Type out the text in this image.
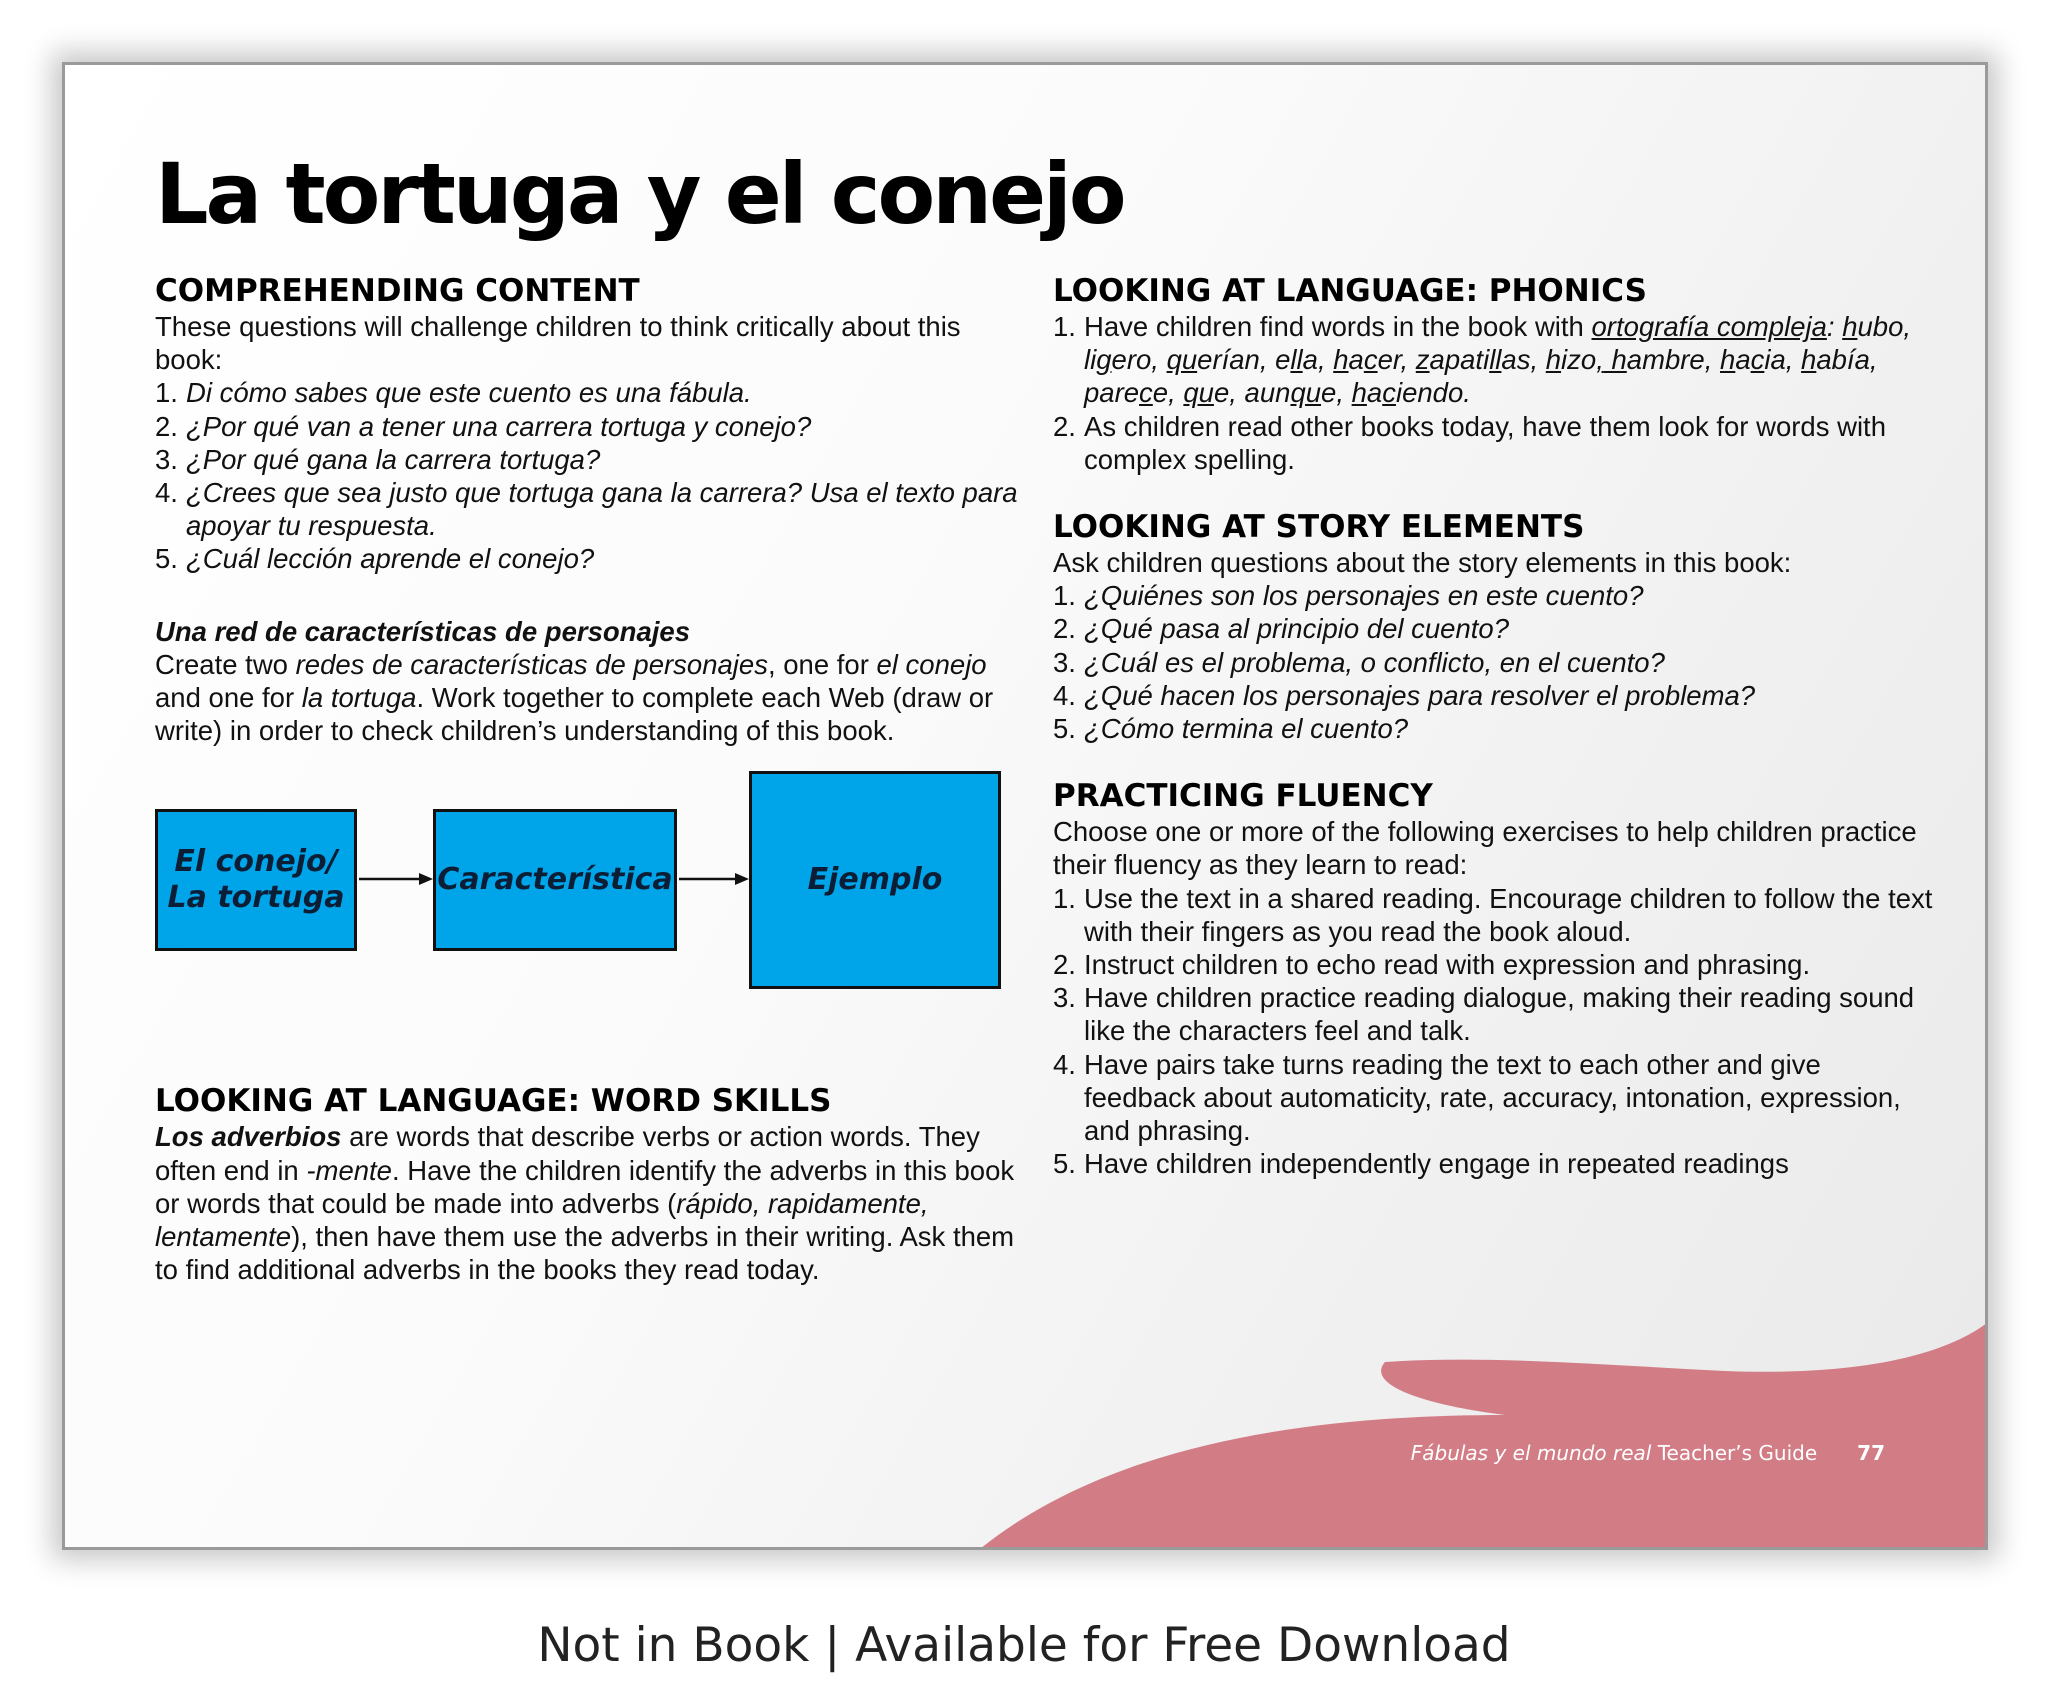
La tortuga y el conejo
COMPREHENDING CONTENT

These questions will challenge children to think critically about this book:

1. Di cómo sabes que este cuento es una fábula.
2. ¿Por qué van a tener una carrera tortuga y conejo?
3. ¿Por qué gana la carrera tortuga?
4. ¿Crees que sea justo que tortuga gana la carrera? Usa el texto para apoyar tu respuesta.
5. ¿Cuál lección aprende el conejo?
Una red de características de personajes

Create two redes de características de personajes, one for el conejo and one for la tortuga. Work together to complete each Web (draw or write) in order to check children’s understanding of this book.

El conejo/
La tortuga
Característica	Ejemplo
LOOKING AT LANGUAGE: WORD SKILLS

Los adverbios are words that describe verbs or action words. They often end in -mente. Have the children identify the adverbs in this book or words that could be made into adverbs (rápido, rapidamente, lentamente), then have them use the adverbs in their writing. Ask them to find additional adverbs in the books they read today.

LOOKING AT LANGUAGE: PHONICS
1. Have children find words in the book with ortografía compleja: hubo, ligero, querían, ella, hacer, zapatillas, hizo, hambre, hacia, había, parece, que, aunque, haciendo.
2. As children read other books today, have them look for words with complex spelling.
LOOKING AT STORY ELEMENTS

Ask children questions about the story elements in this book:

1. ¿Quiénes son los personajes en este cuento?
2. ¿Qué pasa al principio del cuento?
3. ¿Cuál es el problema, o conflicto, en el cuento?
4. ¿Qué hacen los personajes para resolver el problema?
5. ¿Cómo termina el cuento?
PRACTICING FLUENCY

Choose one or more of the following exercises to help children practice their fluency as they learn to read:

1. Use the text in a shared reading. Encourage children to follow the text with their fingers as you read the book aloud.
2. Instruct children to echo read with expression and phrasing.
3. Have children practice reading dialogue, making their reading sound like the characters feel and talk.
4. Have pairs take turns reading the text to each other and give feedback about automaticity, rate, accuracy, intonation, expression, and phrasing.
5. Have children independently engage in repeated readings
Fábulas y el mundo real Teacher’s Guide 77
Not in Book | Available for Free Download
